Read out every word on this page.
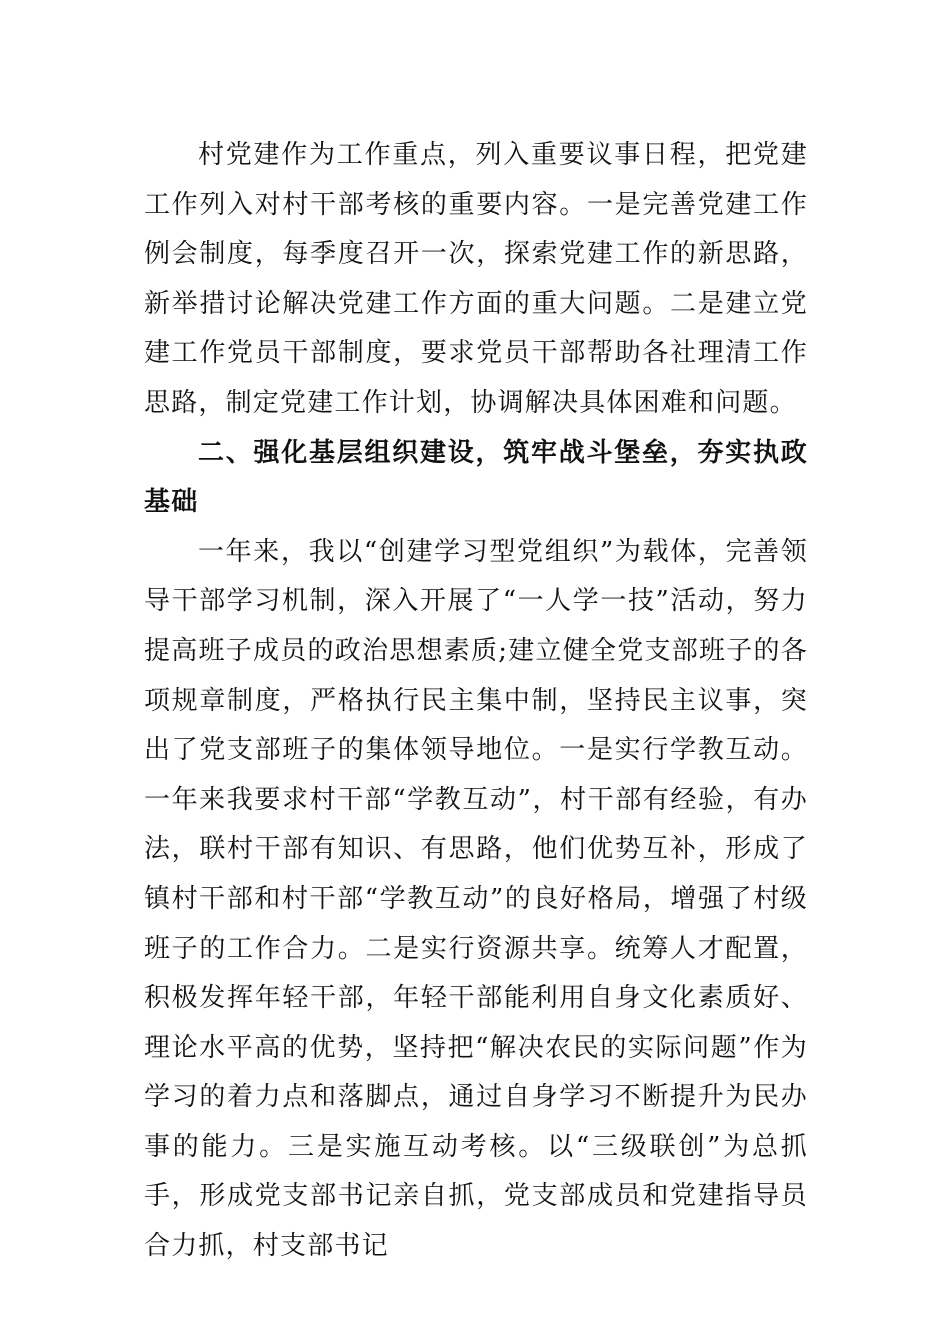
村党建作为工作重点，列入重要议事日程，把党建工作列入对村干部考核的重要内容。一是完善党建工作例会制度，每季度召开一次，探索党建工作的新思路，新举措讨论解决党建工作方面的重大问题。二是建立党建工作党员干部制度，要求党员干部帮助各社理清工作思路，制定党建工作计划，协调解决具体困难和问题。

二、强化基层组织建设，筑牢战斗堡垒，夯实执政基础

一年来，我以“创建学习型党组织”为载体，完善领导干部学习机制，深入开展了“一人学一技”活动，努力提高班子成员的政治思想素质;建立健全党支部班子的各项规章制度，严格执行民主集中制，坚持民主议事，突出了党支部班子的集体领导地位。一是实行学教互动。一年来我要求村干部“学教互动”，村干部有经验，有办法，联村干部有知识、有思路，他们优势互补，形成了镇村干部和村干部“学教互动”的良好格局，增强了村级班子的工作合力。二是实行资源共享。统筹人才配置，积极发挥年轻干部，年轻干部能利用自身文化素质好、理论水平高的优势，坚持把“解决农民的实际问题”作为学习的着力点和落脚点，通过自身学习不断提升为民办事的能力。三是实施互动考核。以“三级联创”为总抓手，形成党支部书记亲自抓，党支部成员和党建指导员合力抓，村支部书记
